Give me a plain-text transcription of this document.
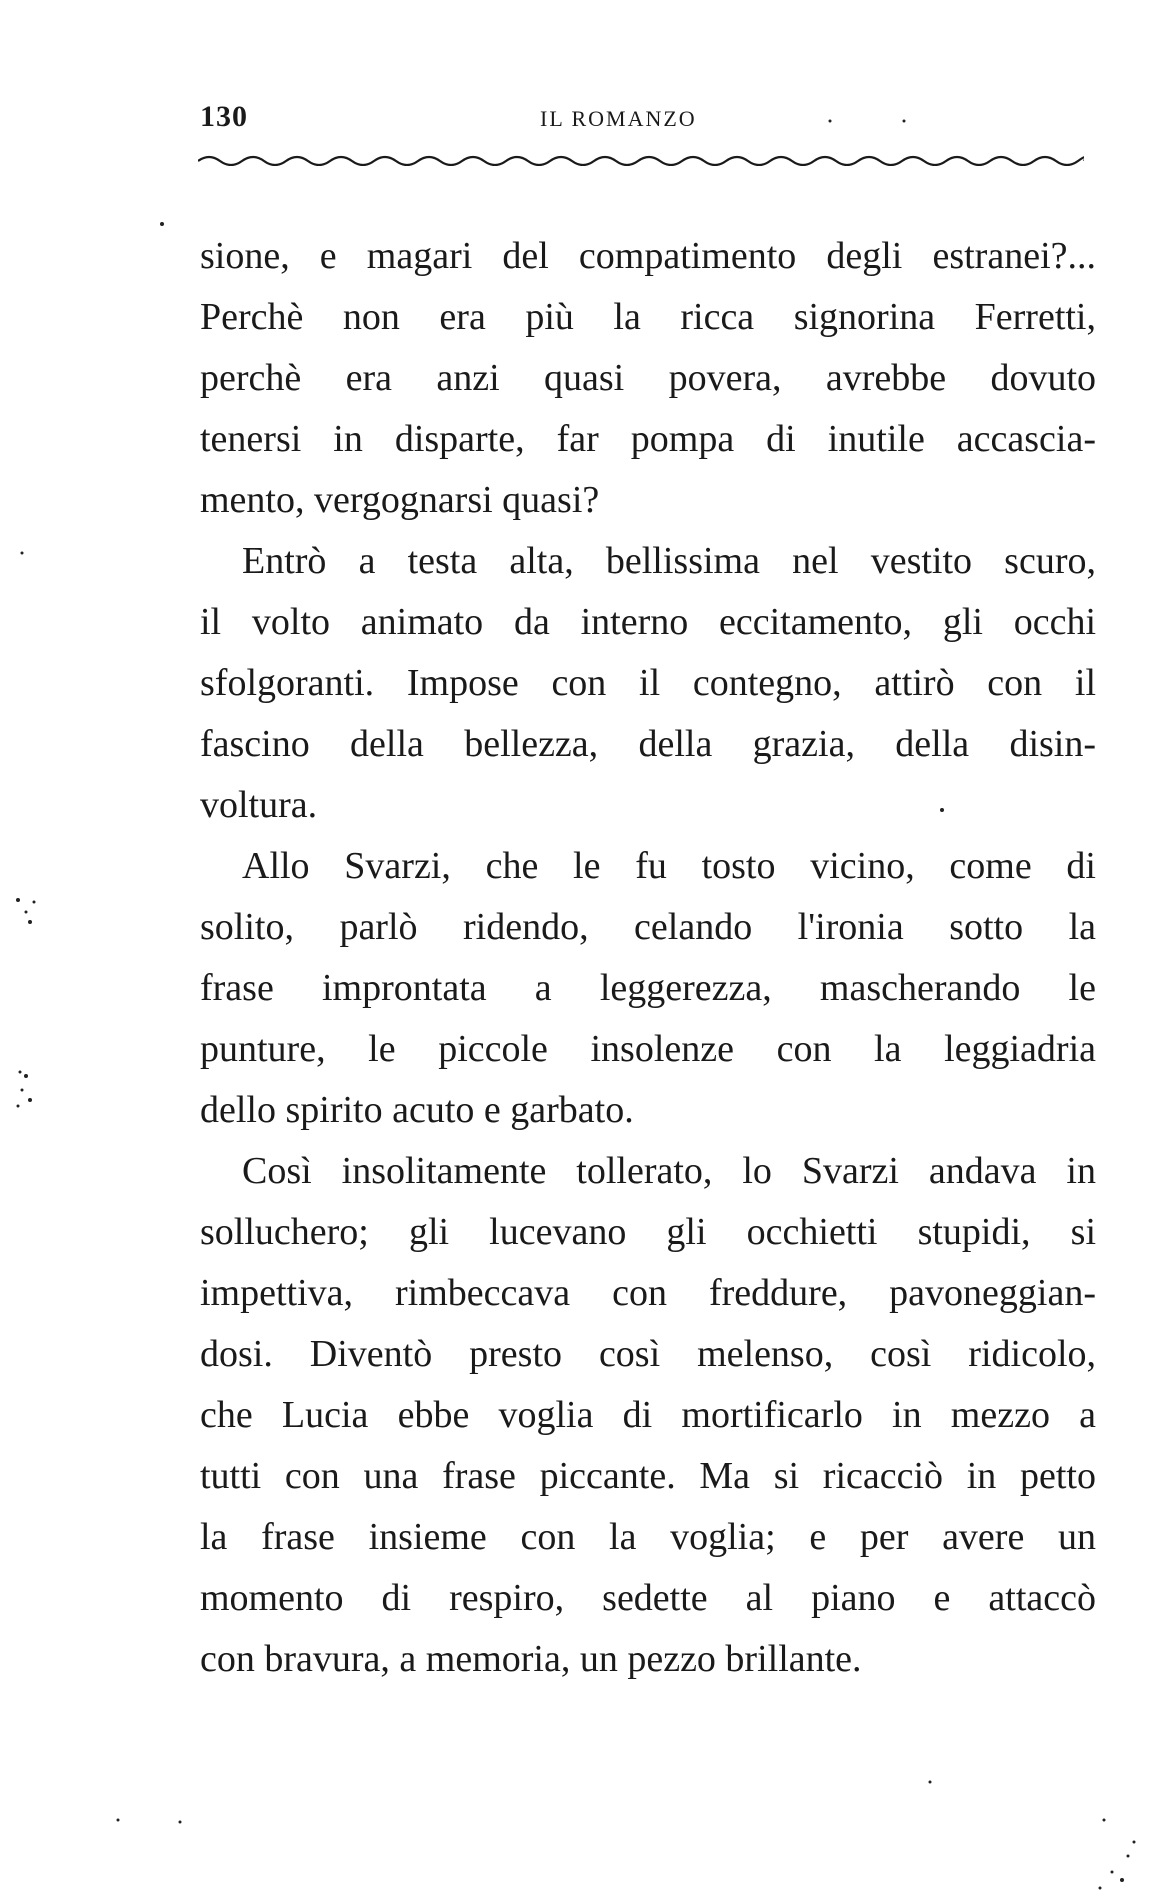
130	IL ROMANZO
sione, e magari del compatimento degli estranei?...
Perchè non era più la ricca signorina Ferretti,
perchè era anzi quasi povera, avrebbe dovuto
tenersi in disparte, far pompa di inutile accascia-
mento, vergognarsi quasi?
Entrò a testa alta, bellissima nel vestito scuro,
il volto animato da interno eccitamento, gli occhi
sfolgoranti. Impose con il contegno, attirò con il
fascino della bellezza, della grazia, della disin-
voltura.
Allo Svarzi, che le fu tosto vicino, come di
solito, parlò ridendo, celando l'ironia sotto la
frase improntata a leggerezza, mascherando le
punture, le piccole insolenze con la leggiadria
dello spirito acuto e garbato.
Così insolitamente tollerato, lo Svarzi andava in
solluchero; gli lucevano gli occhietti stupidi, si
impettiva, rimbeccava con freddure, pavoneggian-
dosi. Diventò presto così melenso, così ridicolo,
che Lucia ebbe voglia di mortificarlo in mezzo a
tutti con una frase piccante. Ma si ricacciò in petto
la frase insieme con la voglia; e per avere un
momento di respiro, sedette al piano e attaccò
con bravura, a memoria, un pezzo brillante.
